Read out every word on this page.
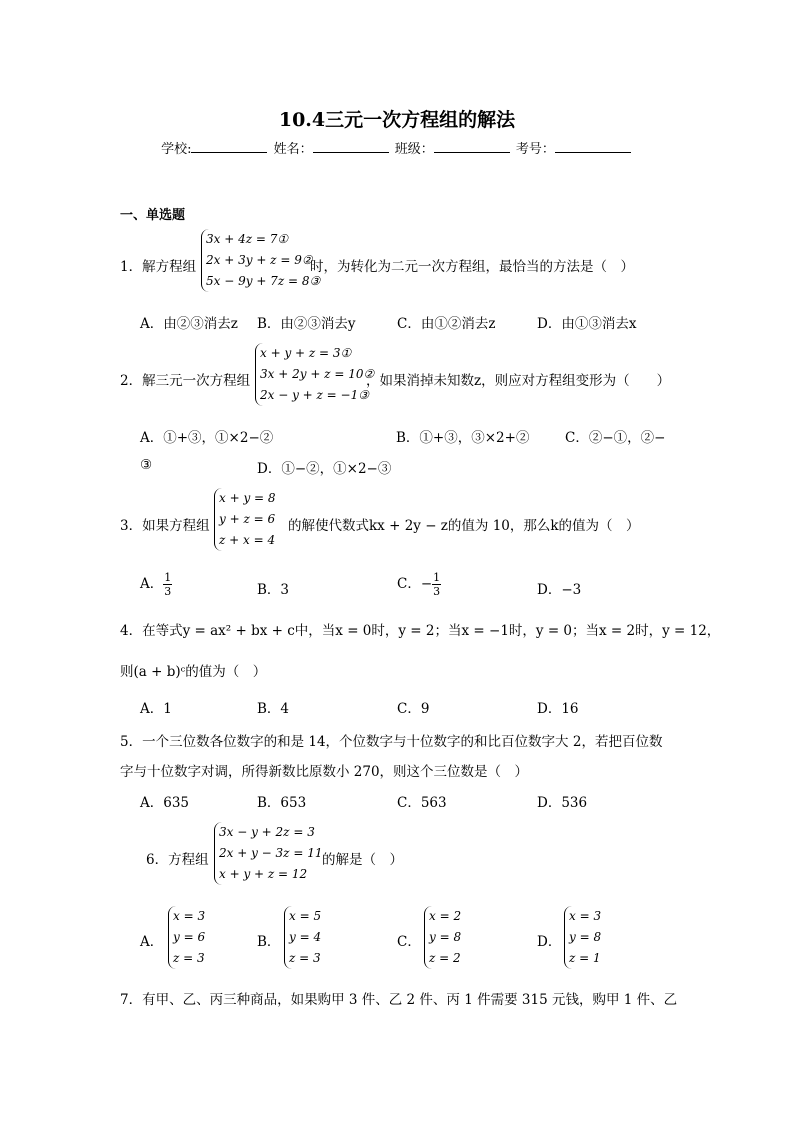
10.4三元一次方程组的解法
学校:	姓名：	班级：	考号：
一、单选题
1．解方程组
3x + 4z = 7①
2x + 3y + z = 9②
5x − 9y + 7z = 8③
时，为转化为二元一次方程组，最恰当的方法是（　）
A．由②③消去z B．由②③消去y	C．由①②消去z	D．由①③消去x
2．解三元一次方程组
x + y + z = 3①
3x + 2y + z = 10②
2x − y + z = −1③
，如果消掉未知数z，则应对方程组变形为（　　）
A．①+③，①×2−②	B．①+③，③×2+②	C．②−①，②−
③	D．①−②，①×2−③
3．如果方程组
x + y = 8
y + z = 6
z + x = 4
的解使代数式kx + 2y − z的值为 10，那么k的值为（　）
A． $\frac{1}{3}$	B．3	C．− $\frac{1}{3}$	D．−3
4．在等式y = ax² + bx + c中，当x = 0时，y = 2；当x = −1时，y = 0；当x = 2时，y = 12，
则(a + b)ᶜ的值为（　）
A．1	B．4	C．9	D．16
5．一个三位数各位数字的和是 14，个位数字与十位数字的和比百位数字大 2，若把百位数
字与十位数字对调，所得新数比原数小 270，则这个三位数是（　）
A．635	B．653	C．563	D．536
6．方程组
3x − y + 2z = 3
2x + y − 3z = 11
x + y + z = 12
的解是（　）
A．
x = 3
y = 6
z = 3
B．
x = 5
y = 4
z = 3
C．
x = 2
y = 8
z = 2
D．
x = 3
y = 8
z = 1
7．有甲、乙、丙三种商品，如果购甲 3 件、乙 2 件、丙 1 件需要 315 元钱，购甲 1 件、乙
